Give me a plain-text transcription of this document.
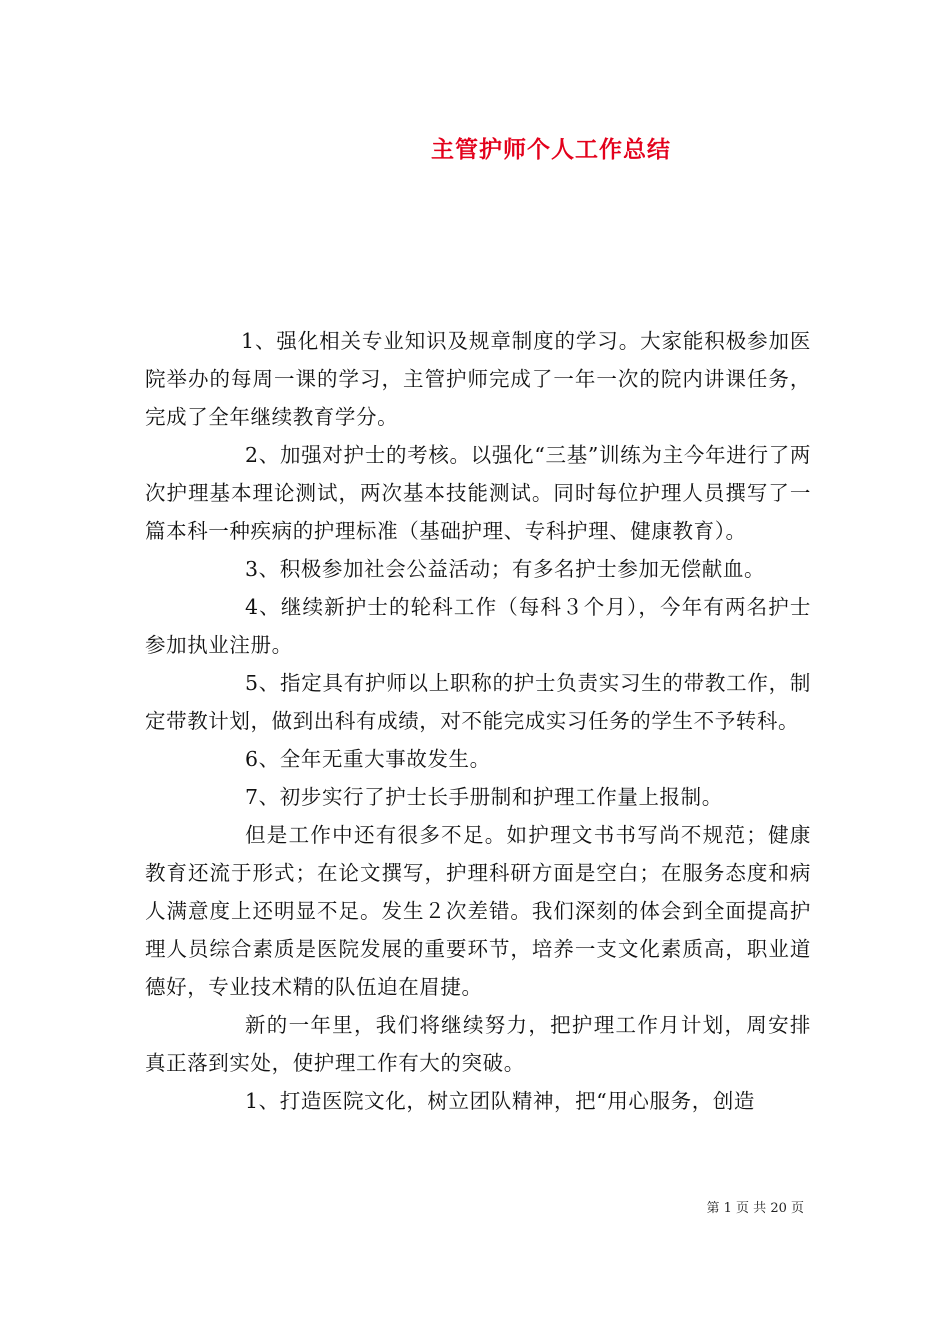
主管护师个人工作总结

1、强化相关专业知识及规章制度的学习。大家能积极参加医院举办的每周一课的学习，主管护师完成了一年一次的院内讲课任务，完成了全年继续教育学分。

2、加强对护士的考核。以强化“三基”训练为主今年进行了两次护理基本理论测试，两次基本技能测试。同时每位护理人员撰写了一篇本科一种疾病的护理标准（基础护理、专科护理、健康教育）。

3、积极参加社会公益活动；有多名护士参加无偿献血。

4、继续新护士的轮科工作（每科３个月），今年有两名护士参加执业注册。

5、指定具有护师以上职称的护士负责实习生的带教工作，制定带教计划，做到出科有成绩，对不能完成实习任务的学生不予转科。

6、全年无重大事故发生。

7、初步实行了护士长手册制和护理工作量上报制。

但是工作中还有很多不足。如护理文书书写尚不规范；健康教育还流于形式；在论文撰写，护理科研方面是空白；在服务态度和病人满意度上还明显不足。发生２次差错。我们深刻的体会到全面提高护理人员综合素质是医院发展的重要环节，培养一支文化素质高，职业道德好，专业技术精的队伍迫在眉捷。

新的一年里，我们将继续努力，把护理工作月计划，周安排真正落到实处，使护理工作有大的突破。

1、打造医院文化，树立团队精神，把“用心服务，创造

第 1 页 共 20 页
